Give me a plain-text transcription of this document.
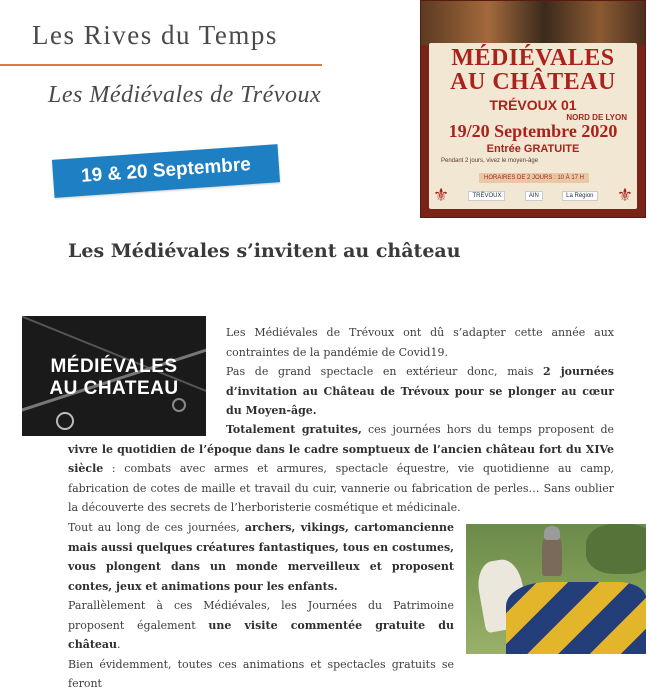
Les Rives du Temps
Les Médiévales de Trévoux
19 & 20 Septembre
MÉDIÉVALES
AU CHÂTEAU
TRÉVOUX 01
NORD DE LYON
19/20 Septembre 2020
Entrée GRATUITE
Pendant 2 jours, vivez le moyen-âge
HORAIRES DE 2 JOURS : 10 À 17 H
⚜	TRÉVOUX	AIN	La Région ⚜
Les Médiévales s’invitent au château
MÉDIÉVALES
AU CHATEAU
Les Médiévales de Trévoux ont dû s’adapter cette année aux contraintes de la pandémie de Covid19.
Pas de grand spectacle en extérieur donc, mais 2 journées d’invitation au Château de Trévoux pour se plonger au cœur du Moyen-âge.
Totalement gratuites, ces journées hors du temps proposent de vivre le quotidien de l’époque dans le cadre somptueux de l’ancien château fort du XIVe siècle : combats avec armes et armures, spectacle équestre, vie quotidienne au camp, fabrication de cotes de maille et travail du cuir, vannerie ou fabrication de perles… Sans oublier la découverte des secrets de l’herboristerie cosmétique et médicinale.
Tout au long de ces journées, archers, vikings, cartomancienne mais aussi quelques créatures fantastiques, tous en costumes, vous plongent dans un monde merveilleux et proposent contes, jeux et animations pour les enfants.
Parallèlement à ces Médiévales, les Journées du Patrimoine proposent également une visite commentée gratuite du château.
Bien évidemment, toutes ces animations et spectacles gratuits se feront
